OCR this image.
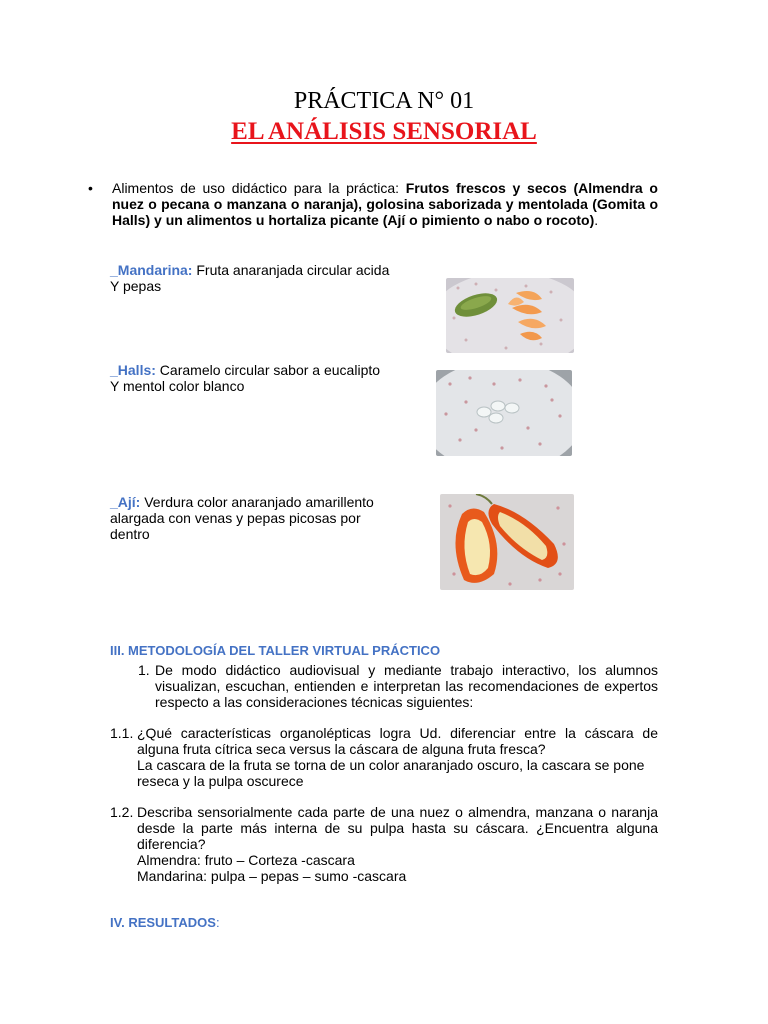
PRÁCTICA N° 01
EL ANÁLISIS SENSORIAL
• Alimentos de uso didáctico para la práctica: Frutos frescos y secos (Almendra o nuez o pecana o manzana o naranja), golosina saborizada y mentolada (Gomita o Halls) y un alimentos u hortaliza picante (Ají o pimiento o nabo o rocoto).
_Mandarina: Fruta anaranjada circular acida
Y pepas
_Halls: Caramelo circular sabor a eucalipto
Y mentol color blanco
_Ají: Verdura color anaranjado amarillento
alargada con venas y pepas picosas por
dentro
III. METODOLOGÍA DEL TALLER VIRTUAL PRÁCTICO
1. De modo didáctico audiovisual y mediante trabajo interactivo, los alumnos visualizan, escuchan, entienden e interpretan las recomendaciones de expertos respecto a las consideraciones técnicas siguientes:
1.1. ¿Qué características organolépticas logra Ud. diferenciar entre la cáscara de alguna fruta cítrica seca versus la cáscara de alguna fruta fresca?
La cascara de la fruta se torna de un color anaranjado oscuro, la cascara se pone reseca y la pulpa oscurece
1.2. Describa sensorialmente cada parte de una nuez o almendra, manzana o naranja desde la parte más interna de su pulpa hasta su cáscara. ¿Encuentra alguna diferencia?
Almendra: fruto – Corteza -cascara
Mandarina: pulpa – pepas – sumo -cascara
IV. RESULTADOS:
